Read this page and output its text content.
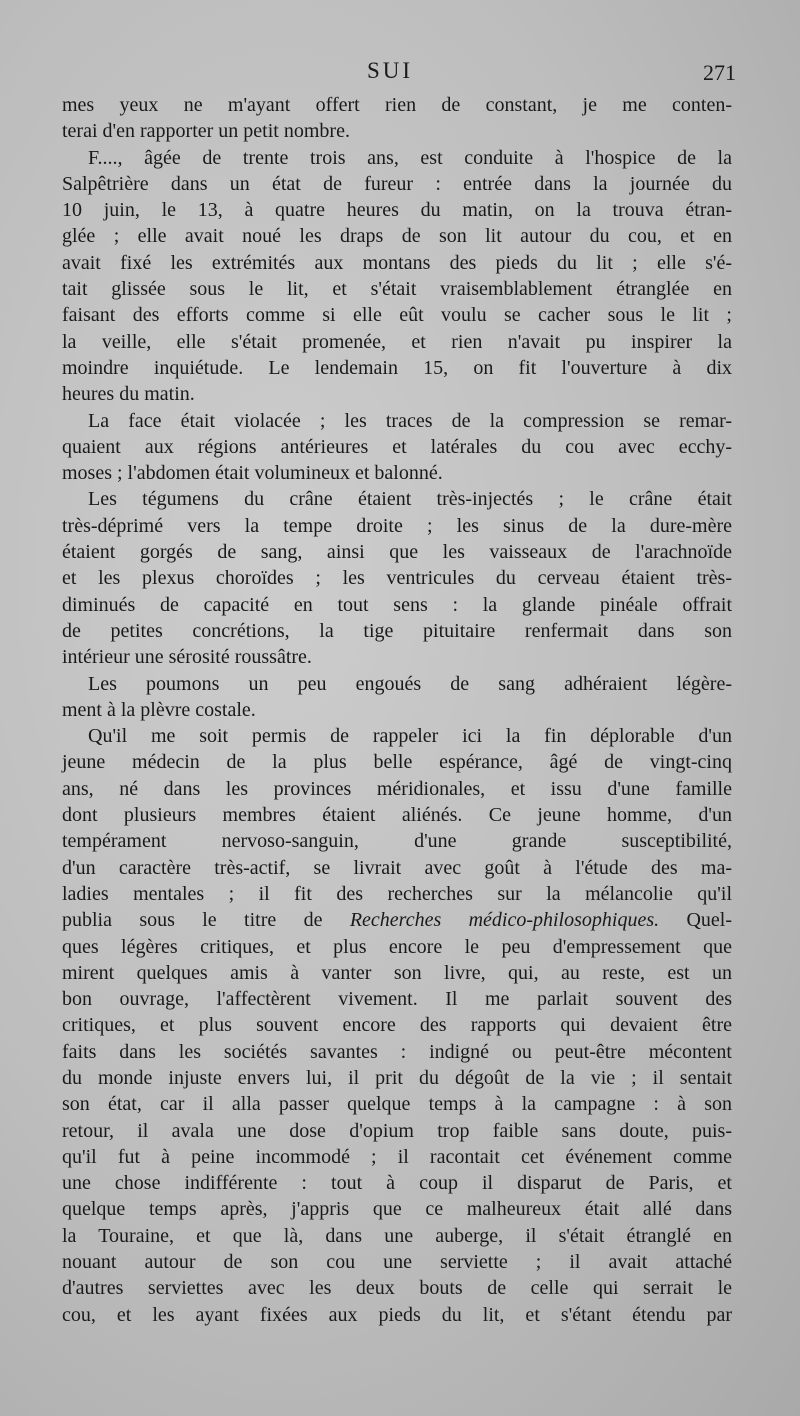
SUI	271
mes yeux ne m'ayant offert rien de constant, je me conten-
terai d'en rapporter un petit nombre.
F...., âgée de trente trois ans, est conduite à l'hospice de la
Salpêtrière dans un état de fureur : entrée dans la journée du
10 juin, le 13, à quatre heures du matin, on la trouva étran-
glée ; elle avait noué les draps de son lit autour du cou, et en
avait fixé les extrémités aux montans des pieds du lit ; elle s'é-
tait glissée sous le lit, et s'était vraisemblablement étranglée en
faisant des efforts comme si elle eût voulu se cacher sous le lit ;
la veille, elle s'était promenée, et rien n'avait pu inspirer la
moindre inquiétude. Le lendemain 15, on fit l'ouverture à dix
heures du matin.
La face était violacée ; les traces de la compression se remar-
quaient aux régions antérieures et latérales du cou avec ecchy-
moses ; l'abdomen était volumineux et balonné.
Les tégumens du crâne étaient très-injectés ; le crâne était
très-déprimé vers la tempe droite ; les sinus de la dure-mère
étaient gorgés de sang, ainsi que les vaisseaux de l'arachnoïde
et les plexus choroïdes ; les ventricules du cerveau étaient très-
diminués de capacité en tout sens : la glande pinéale offrait
de petites concrétions, la tige pituitaire renfermait dans son
intérieur une sérosité roussâtre.
Les poumons un peu engoués de sang adhéraient légère-
ment à la plèvre costale.
Qu'il me soit permis de rappeler ici la fin déplorable d'un
jeune médecin de la plus belle espérance, âgé de vingt-cinq
ans, né dans les provinces méridionales, et issu d'une famille
dont plusieurs membres étaient aliénés. Ce jeune homme, d'un
tempérament nervoso-sanguin, d'une grande susceptibilité,
d'un caractère très-actif, se livrait avec goût à l'étude des ma-
ladies mentales ; il fit des recherches sur la mélancolie qu'il
publia sous le titre de Recherches médico-philosophiques. Quel-
ques légères critiques, et plus encore le peu d'empressement que
mirent quelques amis à vanter son livre, qui, au reste, est un
bon ouvrage, l'affectèrent vivement. Il me parlait souvent des
critiques, et plus souvent encore des rapports qui devaient être
faits dans les sociétés savantes : indigné ou peut-être mécontent
du monde injuste envers lui, il prit du dégoût de la vie ; il sentait
son état, car il alla passer quelque temps à la campagne : à son
retour, il avala une dose d'opium trop faible sans doute, puis-
qu'il fut à peine incommodé ; il racontait cet événement comme
une chose indifférente : tout à coup il disparut de Paris, et
quelque temps après, j'appris que ce malheureux était allé dans
la Touraine, et que là, dans une auberge, il s'était étranglé en
nouant autour de son cou une serviette ; il avait attaché
d'autres serviettes avec les deux bouts de celle qui serrait le
cou, et les ayant fixées aux pieds du lit, et s'étant étendu par
